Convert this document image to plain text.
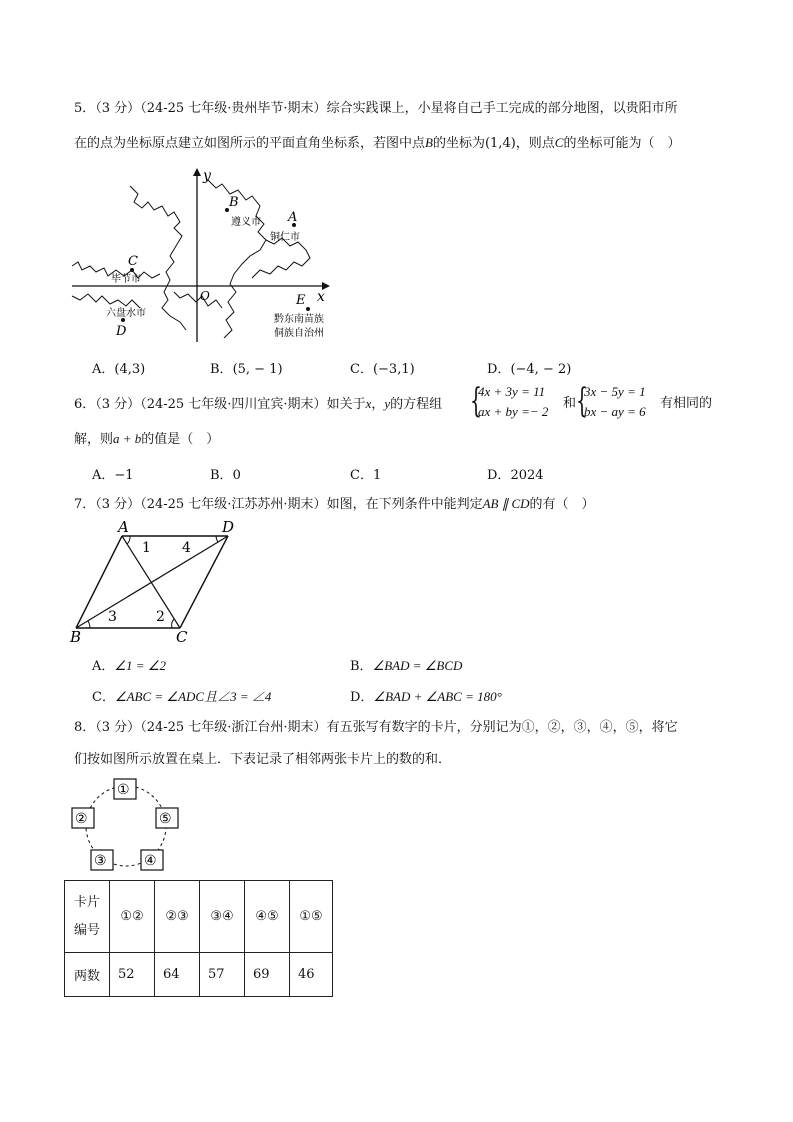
5．（3 分）（24-25 七年级·贵州毕节·期末）综合实践课上，小星将自己手工完成的部分地图，以贵阳市所
在的点为坐标原点建立如图所示的平面直角坐标系，若图中点B的坐标为(1,4)，则点C的坐标可能为（　）
x
y
O
B
A
C
D
E
遵义市
铜仁市
毕节市
六盘水市
黔东南苗族
侗族自治州
A．(4,3)	B．(5, − 1)	C．(−3,1)	D．(−4, − 2)
6．（3 分）（24-25 七年级·四川宜宾·期末）如关于x，y的方程组 {
4x + 3y = 11
ax + by =− 2
和 {
3x − 5y = 1
bx − ay = 6
有相同的
解，则a + b的值是（　）
A．−1	B．0	C．1	D．2024
7．（3 分）（24-25 七年级·江苏苏州·期末）如图，在下列条件中能判定AB ∥ CD的有（　）
A	D
B	C
1 4
3	2
A．∠1 = ∠2	B．∠BAD = ∠BCD
C．∠ABC = ∠ADC且∠3 = ∠4	D．∠BAD + ∠ABC = 180°
8．（3 分）（24-25 七年级·浙江台州·期末）有五张写有数字的卡片，分别记为①，②，③，④，⑤，将它
们按如图所示放置在桌上．下表记录了相邻两张卡片上的数的和．
①
②
③	④
⑤
卡片
编号	①②	②③	③④	④⑤	①⑤
两数	52	64	57	69	46
